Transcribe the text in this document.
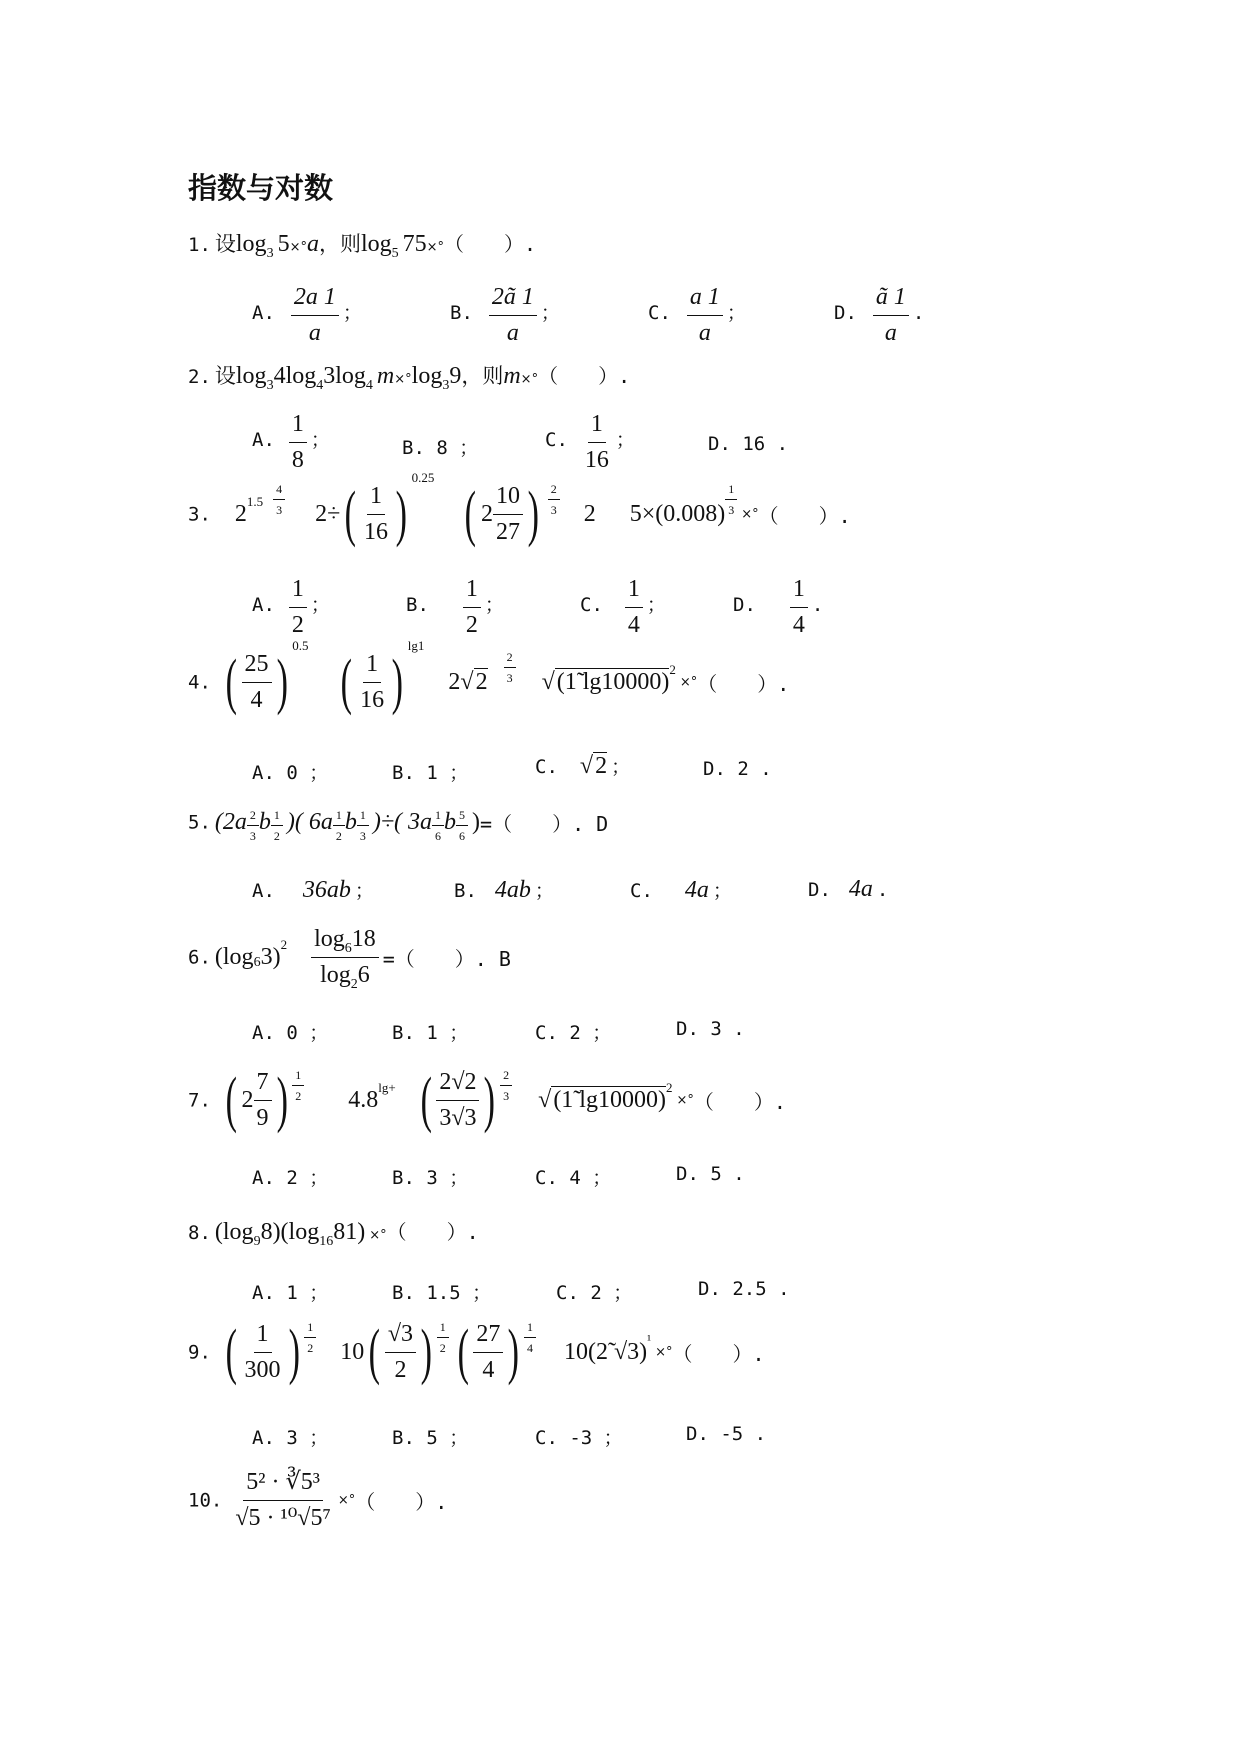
指数与对数
1. 设log3 5×°a，则log5 75×°（　　）.
A. $\frac{2a 1}{a}$ ；	B. $\frac{2ã 1}{a}$ ；	C. $\frac{a 1}{a}$ ；	D. $\frac{ã 1}{a}$ .
2. 设log34log43log4 m×°log39，则m×°（　　）.
A. $\frac{1}{8}$ ；	B. 8 ；	C. $\frac{1}{16}$ ；	D. 16 .
3. $2^{1.5} \frac{4}{3} 2\div( \frac{1}{16} )^{0.25}$ ( $2 \frac{10}{27}$ ) $\frac{2}{3} 2$ $5\times(0.008) \frac{1}{3}$ ×°（　　）.
A. $\frac{1}{2}$ ；	B. $\frac{1}{2}$ ；	C. $\frac{1}{4}$ ；	D. $\frac{1}{4}$ .
4. ( $\frac{25}{4} )^{0.5}$ ( $\frac{1}{16} )^{lg1}$ $2√2 \frac{2}{3}$ √(1̃ lg10000)$^2$ ×°（　　）.
A. 0 ；	B. 1 ；	C. √2 ；	D. 2 .
5. ($2a \frac{2}{3}$ b $\frac{1}{2}$ )( $6a \frac{1}{2}$ b $\frac{1}{3}$ )÷( $3a \frac{1}{6}$ b $\frac{5}{6}$ )=（　　）. D
A. 36ab ；	B. 4ab ；	C. 4a ；	D. 4a .
6. $(\log 63)^2 \frac{\log_618}{\log_26}$ =（　　）. B
A. 0 ；	B. 1 ；	C. 2 ；	D. 3 .
7. ( $2 \frac{7}{9}$ ) $\frac{1}{2} 4.8^{lg+}$ ( $\frac{2√2}{3√3}$ ) $\frac{2}{3}$ √(1̃ lg10000)$^2$ ×°（　　）.
A. 2 ；	B. 3 ；	C. 4 ；	D. 5 .
8. (log98)(log1681) ×°（　　）.
A. 1 ；	B. 1.5 ；	C. 2 ；	D. 2.5 .
9. ( $\frac{1}{300}$ ) $\frac{1}{2} 10( \frac{√3}{2}$ ) $\frac{1}{2}$ ( $\frac{27}{4}$ ) $\frac{1}{4}$ 10(2̃ √3)$^{^1}$ ×°（　　）.
A. 3 ；	B. 5 ；	C. -3 ；	D. -5 .
10. $\frac{\text{5² · ∛5³}}{\text{√5 · ¹⁰√5⁷}}$ ×°（　　）.
